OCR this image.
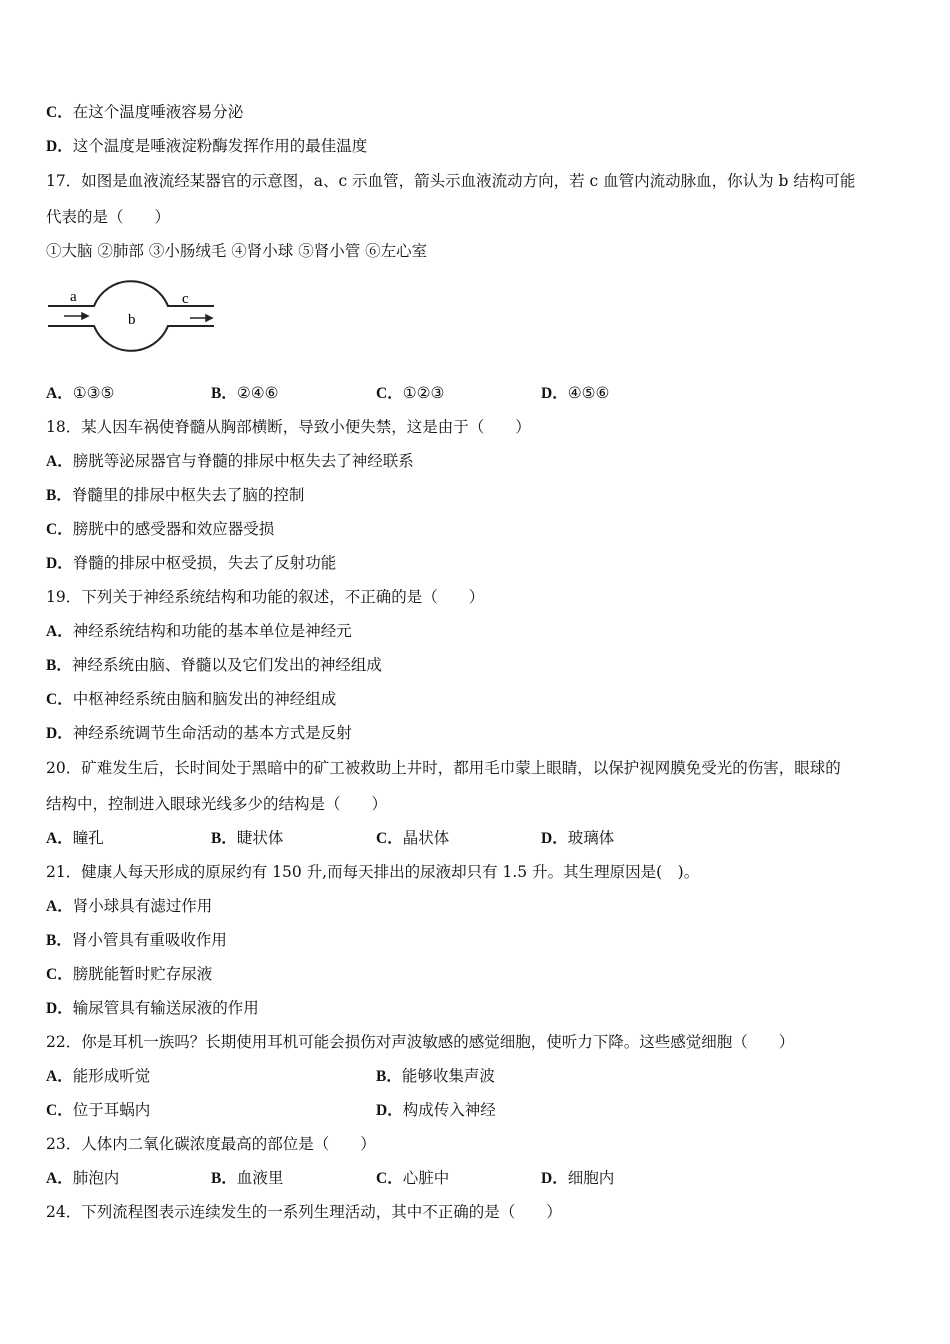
C．在这个温度唾液容易分泌
D．这个温度是唾液淀粉酶发挥作用的最佳温度
17．如图是血液流经某器官的示意图，a、c 示血管，箭头示血液流动方向，若 c 血管内流动脉血，你认为 b 结构可能
代表的是（　　）
①大脑 ②肺部 ③小肠绒毛 ④肾小球 ⑤肾小管 ⑥左心室
a
b
c
A．①③⑤	B．②④⑥	C．①②③	D．④⑤⑥
18．某人因车祸使脊髓从胸部横断，导致小便失禁，这是由于（　　）
A．膀胱等泌尿器官与脊髓的排尿中枢失去了神经联系
B．脊髓里的排尿中枢失去了脑的控制
C．膀胱中的感受器和效应器受损
D．脊髓的排尿中枢受损，失去了反射功能
19．下列关于神经系统结构和功能的叙述，不正确的是（　　）
A．神经系统结构和功能的基本单位是神经元
B．神经系统由脑、脊髓以及它们发出的神经组成
C．中枢神经系统由脑和脑发出的神经组成
D．神经系统调节生命活动的基本方式是反射
20．矿难发生后，长时间处于黑暗中的矿工被救助上井时，都用毛巾蒙上眼睛，以保护视网膜免受光的伤害，眼球的
结构中，控制进入眼球光线多少的结构是（　　）
A．瞳孔	B．睫状体	C．晶状体	D．玻璃体
21．健康人每天形成的原尿约有 150 升,而每天排出的尿液却只有 1.5 升。其生理原因是(　)。
A．肾小球具有滤过作用
B．肾小管具有重吸收作用
C．膀胱能暂时贮存尿液
D．输尿管具有输送尿液的作用
22．你是耳机一族吗？长期使用耳机可能会损伤对声波敏感的感觉细胞，使听力下降。这些感觉细胞（　　）
A．能形成听觉	B．能够收集声波
C．位于耳蜗内	D．构成传入神经
23．人体内二氧化碳浓度最高的部位是（　　）
A．肺泡内	B．血液里	C．心脏中	D．细胞内
24．下列流程图表示连续发生的一系列生理活动，其中不正确的是（　　）
